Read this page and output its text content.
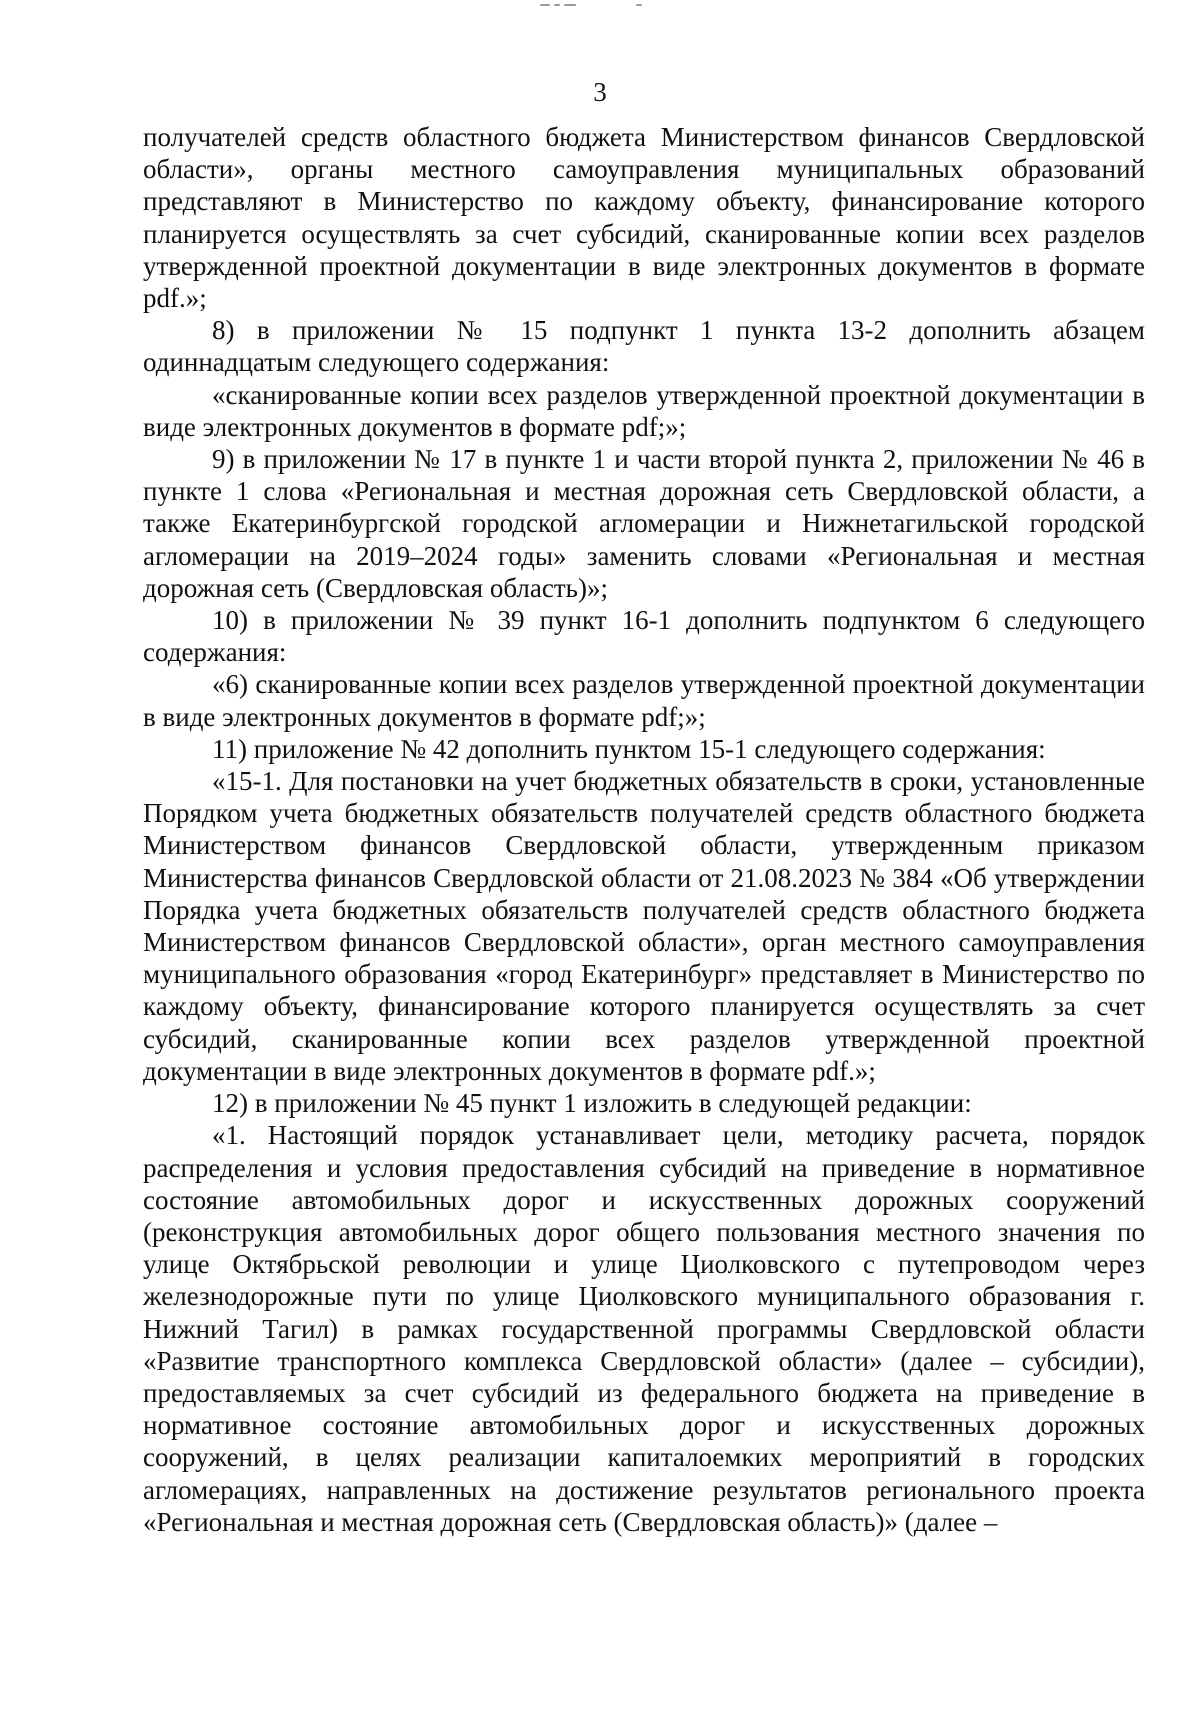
3

получателей средств областного бюджета Министерством финансов Свердловской области», органы местного самоуправления муниципальных образований представляют в Министерство по каждому объекту, финансирование которого планируется осуществлять за счет субсидий, сканированные копии всех разделов утвержденной проектной документации в виде электронных документов в формате pdf.»;

8) в приложении № 15 подпункт 1 пункта 13-2 дополнить абзацем одиннадцатым следующего содержания:

«сканированные копии всех разделов утвержденной проектной документации в виде электронных документов в формате pdf;»;

9) в приложении № 17 в пункте 1 и части второй пункта 2, приложении № 46 в пункте 1 слова «Региональная и местная дорожная сеть Свердловской области, а также Екатеринбургской городской агломерации и Нижнетагильской городской агломерации на 2019–2024 годы» заменить словами «Региональная и местная дорожная сеть (Свердловская область)»;

10) в приложении № 39 пункт 16-1 дополнить подпунктом 6 следующего содержания:

«6) сканированные копии всех разделов утвержденной проектной документации в виде электронных документов в формате pdf;»;

11) приложение № 42 дополнить пунктом 15-1 следующего содержания:

«15-1. Для постановки на учет бюджетных обязательств в сроки, установленные Порядком учета бюджетных обязательств получателей средств областного бюджета Министерством финансов Свердловской области, утвержденным приказом Министерства финансов Свердловской области от 21.08.2023 № 384 «Об утверждении Порядка учета бюджетных обязательств получателей средств областного бюджета Министерством финансов Свердловской области», орган местного самоуправления муниципального образования «город Екатеринбург» представляет в Министерство по каждому объекту, финансирование которого планируется осуществлять за счет субсидий, сканированные копии всех разделов утвержденной проектной документации в виде электронных документов в формате pdf.»;

12) в приложении № 45 пункт 1 изложить в следующей редакции:

«1. Настоящий порядок устанавливает цели, методику расчета, порядок распределения и условия предоставления субсидий на приведение в нормативное состояние автомобильных дорог и искусственных дорожных сооружений (реконструкция автомобильных дорог общего пользования местного значения по улице Октябрьской революции и улице Циолковского с путепроводом через железнодорожные пути по улице Циолковского муниципального образования г. Нижний Тагил) в рамках государственной программы Свердловской области «Развитие транспортного комплекса Свердловской области» (далее – субсидии), предоставляемых за счет субсидий из федерального бюджета на приведение в нормативное состояние автомобильных дорог и искусственных дорожных сооружений, в целях реализации капиталоемких мероприятий в городских агломерациях, направленных на достижение результатов регионального проекта «Региональная и местная дорожная сеть (Свердловская область)» (далее –
